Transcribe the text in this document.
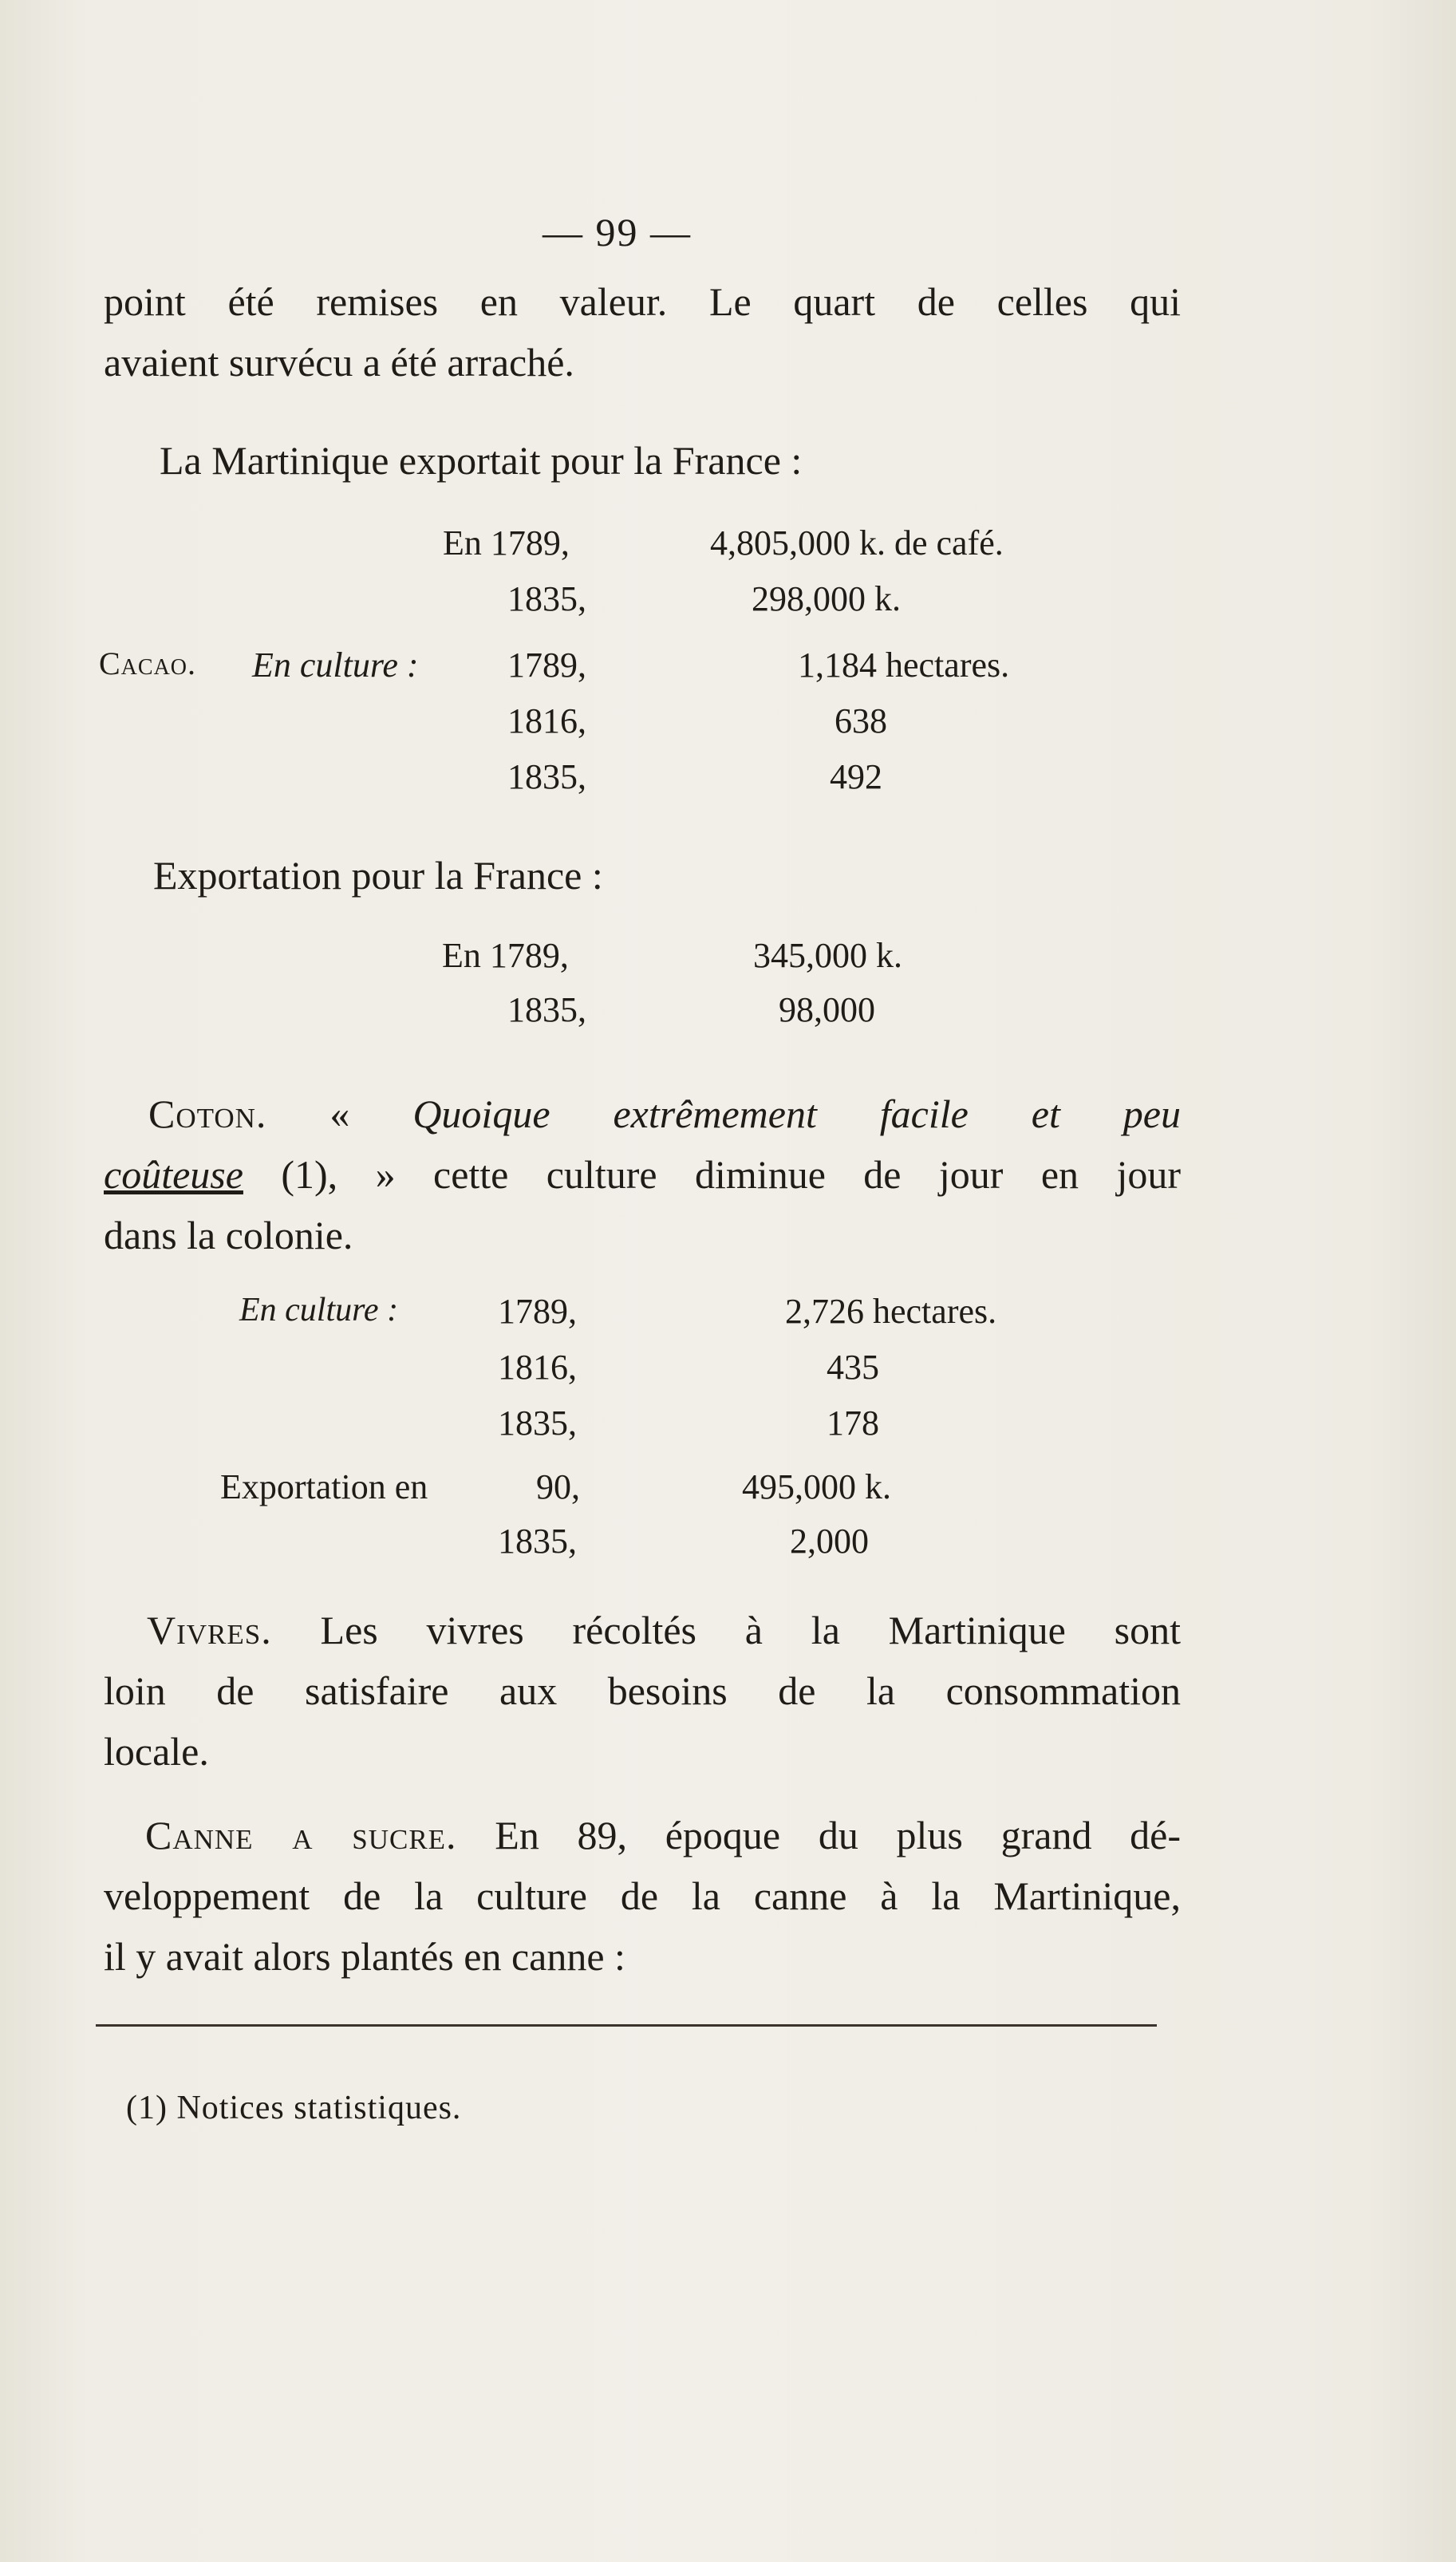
— 99 —
point été remises en valeur. Le quart de celles qui
avaient survécu a été arraché.
La Martinique exportait pour la France :
En 1789,	4,805,000 k. de café.
1835,	298,000 k.
Cacao. En culture :	1789,	1,184 hectares.
1816,	638
1835,	492
Exportation pour la France :
En 1789,	345,000 k.
1835,	98,000
Coton. « Quoique extrêmement facile et peu
coûteuse (1), » cette culture diminue de jour en jour
dans la colonie.
En culture :	1789,	2,726 hectares.
1816,	435
1835,	178
Exportation en	90,	495,000 k.
1835,	2,000
Vivres. Les vivres récoltés à la Martinique sont
loin de satisfaire aux besoins de la consommation
locale.
Canne a sucre. En 89, époque du plus grand dé-
veloppement de la culture de la canne à la Martinique,
il y avait alors plantés en canne :
(1) Notices statistiques.
